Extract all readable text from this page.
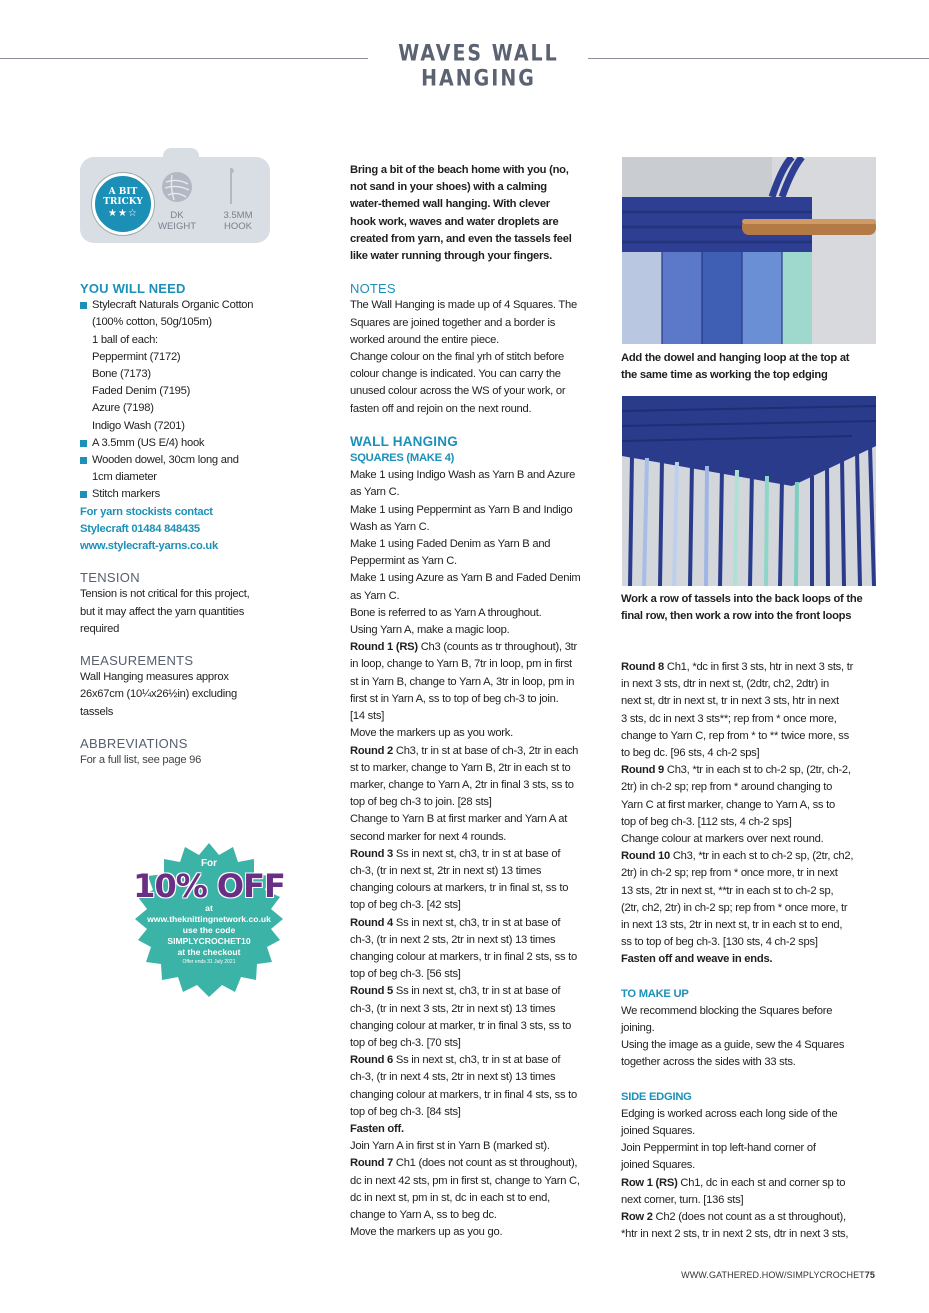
WAVES WALL HANGING
A BIT
TRICKY
★★☆	DK
WEIGHT
3.5MM
HOOK
YOU WILL NEED
Stylecraft Naturals Organic Cotton
(100% cotton, 50g/105m)
1 ball of each:
Peppermint (7172)
Bone (7173)
Faded Denim (7195)
Azure (7198)
Indigo Wash (7201)
A 3.5mm (US E/4) hook
Wooden dowel, 30cm long and
1cm diameter
Stitch markers
For yarn stockists contact
Stylecraft 01484 848435
www.stylecraft-yarns.co.uk
TENSION
Tension is not critical for this project,
but it may affect the yarn quantities
required
MEASUREMENTS
Wall Hanging measures approx
26x67cm (10¼x26½in) excluding
tassels
ABBREVIATIONS
For a full list, see page 96
For
10% OFF
at
www.theknittingnetwork.co.uk
use the code
SIMPLYCROCHET10
at the checkout
Offer ends 31 July 2021
Bring a bit of the beach home with you (no,
not sand in your shoes) with a calming
water-themed wall hanging. With clever
hook work, waves and water droplets are
created from yarn, and even the tassels feel
like water running through your fingers.
NOTES
The Wall Hanging is made up of 4 Squares. The
Squares are joined together and a border is
worked around the entire piece.
Change colour on the final yrh of stitch before
colour change is indicated. You can carry the
unused colour across the WS of your work, or
fasten off and rejoin on the next round.
WALL HANGING
SQUARES (MAKE 4)
Make 1 using Indigo Wash as Yarn B and Azure
as Yarn C.
Make 1 using Peppermint as Yarn B and Indigo
Wash as Yarn C.
Make 1 using Faded Denim as Yarn B and
Peppermint as Yarn C.
Make 1 using Azure as Yarn B and Faded Denim
as Yarn C.
Bone is referred to as Yarn A throughout.
Using Yarn A, make a magic loop.
Round 1 (RS) Ch3 (counts as tr throughout), 3tr
in loop, change to Yarn B, 7tr in loop, pm in first
st in Yarn B, change to Yarn A, 3tr in loop, pm in
first st in Yarn A, ss to top of beg ch-3 to join.
[14 sts]
Move the markers up as you work.
Round 2 Ch3, tr in st at base of ch-3, 2tr in each
st to marker, change to Yarn B, 2tr in each st to
marker, change to Yarn A, 2tr in final 3 sts, ss to
top of beg ch-3 to join. [28 sts]
Change to Yarn B at first marker and Yarn A at
second marker for next 4 rounds.
Round 3 Ss in next st, ch3, tr in st at base of
ch-3, (tr in next st, 2tr in next st) 13 times
changing colours at markers, tr in final st, ss to
top of beg ch-3. [42 sts]
Round 4 Ss in next st, ch3, tr in st at base of
ch-3, (tr in next 2 sts, 2tr in next st) 13 times
changing colour at markers, tr in final 2 sts, ss to
top of beg ch-3. [56 sts]
Round 5 Ss in next st, ch3, tr in st at base of
ch-3, (tr in next 3 sts, 2tr in next st) 13 times
changing colour at marker, tr in final 3 sts, ss to
top of beg ch-3. [70 sts]
Round 6 Ss in next st, ch3, tr in st at base of
ch-3, (tr in next 4 sts, 2tr in next st) 13 times
changing colour at markers, tr in final 4 sts, ss to
top of beg ch-3. [84 sts]
Fasten off.
Join Yarn A in first st in Yarn B (marked st).
Round 7 Ch1 (does not count as st throughout),
dc in next 42 sts, pm in first st, change to Yarn C,
dc in next st, pm in st, dc in each st to end,
change to Yarn A, ss to beg dc.
Move the markers up as you go.
Add the dowel and hanging loop at the top at
the same time as working the top edging
Work a row of tassels into the back loops of the
final row, then work a row into the front loops
Round 8 Ch1, *dc in first 3 sts, htr in next 3 sts, tr
in next 3 sts, dtr in next st, (2dtr, ch2, 2dtr) in
next st, dtr in next st, tr in next 3 sts, htr in next
3 sts, dc in next 3 sts**; rep from * once more,
change to Yarn C, rep from * to ** twice more, ss
to beg dc. [96 sts, 4 ch-2 sps]
Round 9 Ch3, *tr in each st to ch-2 sp, (2tr, ch-2,
2tr) in ch-2 sp; rep from * around changing to
Yarn C at first marker, change to Yarn A, ss to
top of beg ch-3. [112 sts, 4 ch-2 sps]
Change colour at markers over next round.
Round 10 Ch3, *tr in each st to ch-2 sp, (2tr, ch2,
2tr) in ch-2 sp; rep from * once more, tr in next
13 sts, 2tr in next st, **tr in each st to ch-2 sp,
(2tr, ch2, 2tr) in ch-2 sp; rep from * once more, tr
in next 13 sts, 2tr in next st, tr in each st to end,
ss to top of beg ch-3. [130 sts, 4 ch-2 sps]
Fasten off and weave in ends.
TO MAKE UP
We recommend blocking the Squares before
joining.
Using the image as a guide, sew the 4 Squares
together across the sides with 33 sts.
SIDE EDGING
Edging is worked across each long side of the
joined Squares.
Join Peppermint in top left-hand corner of
joined Squares.
Row 1 (RS) Ch1, dc in each st and corner sp to
next corner, turn. [136 sts]
Row 2 Ch2 (does not count as a st throughout),
*htr in next 2 sts, tr in next 2 sts, dtr in next 3 sts,
WWW.GATHERED.HOW/SIMPLYCROCHET75
